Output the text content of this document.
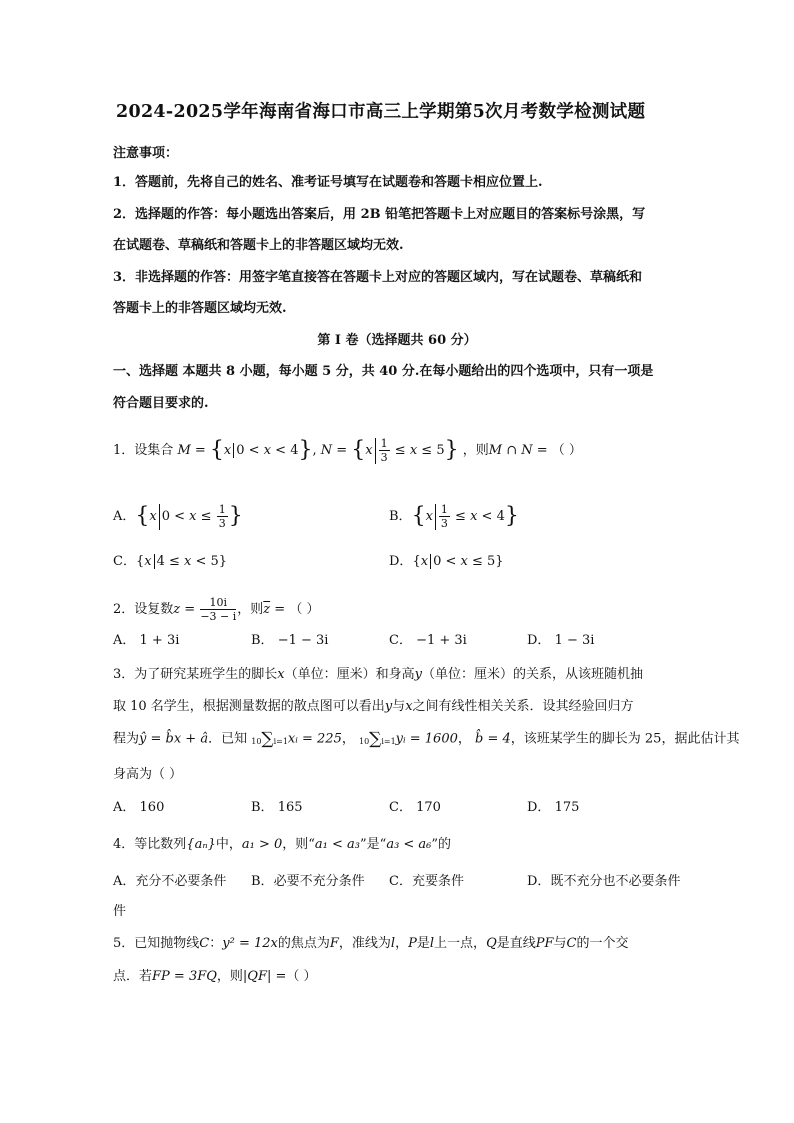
2024-2025学年海南省海口市高三上学期第5次月考数学检测试题
注意事项：
1．答题前，先将自己的姓名、准考证号填写在试题卷和答题卡相应位置上.
2．选择题的作答：每小题选出答案后，用 2B 铅笔把答题卡上对应题目的答案标号涂黑，写
在试题卷、草稿纸和答题卡上的非答题区域均无效.
3．非选择题的作答：用签字笔直接答在答题卡上对应的答题区域内，写在试题卷、草稿纸和
答题卡上的非答题区域均无效.
第 I 卷（选择题共 60 分）
一、选择题 本题共 8 小题，每小题 5 分，共 40 分.在每小题给出的四个选项中，只有一项是
符合题目要求的.
1．设集合 M = {x 0 < x < 4}, $N = \{x \frac{1}{3} \le x \le 5\}$ ，则M ∩ N = （ ）
A．{x $0 < x \le \frac{1}{3}$ }	B．$\{x \frac{1}{3} \le x < 4\}$
C．{x 4 ≤ x < 5}	D．{x 0 < x ≤ 5}
2．设复数$z = \frac{10i}{-3 - i}$ ，则$\overline{z}$ = （ ）
A． 1 + 3i	B． −1 − 3i	C． −1 + 3i	D． 1 − 3i
3．为了研究某班学生的脚长x（单位：厘米）和身高y（单位：厘米）的关系，从该班随机抽
取 10 名学生，根据测量数据的散点图可以看出y与x之间有线性相关关系．设其经验回归方
程为ŷ = b̂x + â．已知 10∑i=1xᵢ = 225， 10∑i=1yᵢ = 1600， b̂ = 4，该班某学生的脚长为 25，据此估计其
身高为（ ）
A． 160	B． 165	C． 170	D． 175
4．等比数列{aₙ}中，a₁ > 0，则“a₁ < a₃”是“a₃ < a₆”的
A．充分不必要条件 B．必要不充分条件 C．充要条件	D．既不充分也不必要条件
件
5．已知抛物线C：y² = 12x的焦点为F，准线为l，P是l上一点，Q是直线PF与C的一个交
点．若FP = 3FQ，则|QF| =（ ）
